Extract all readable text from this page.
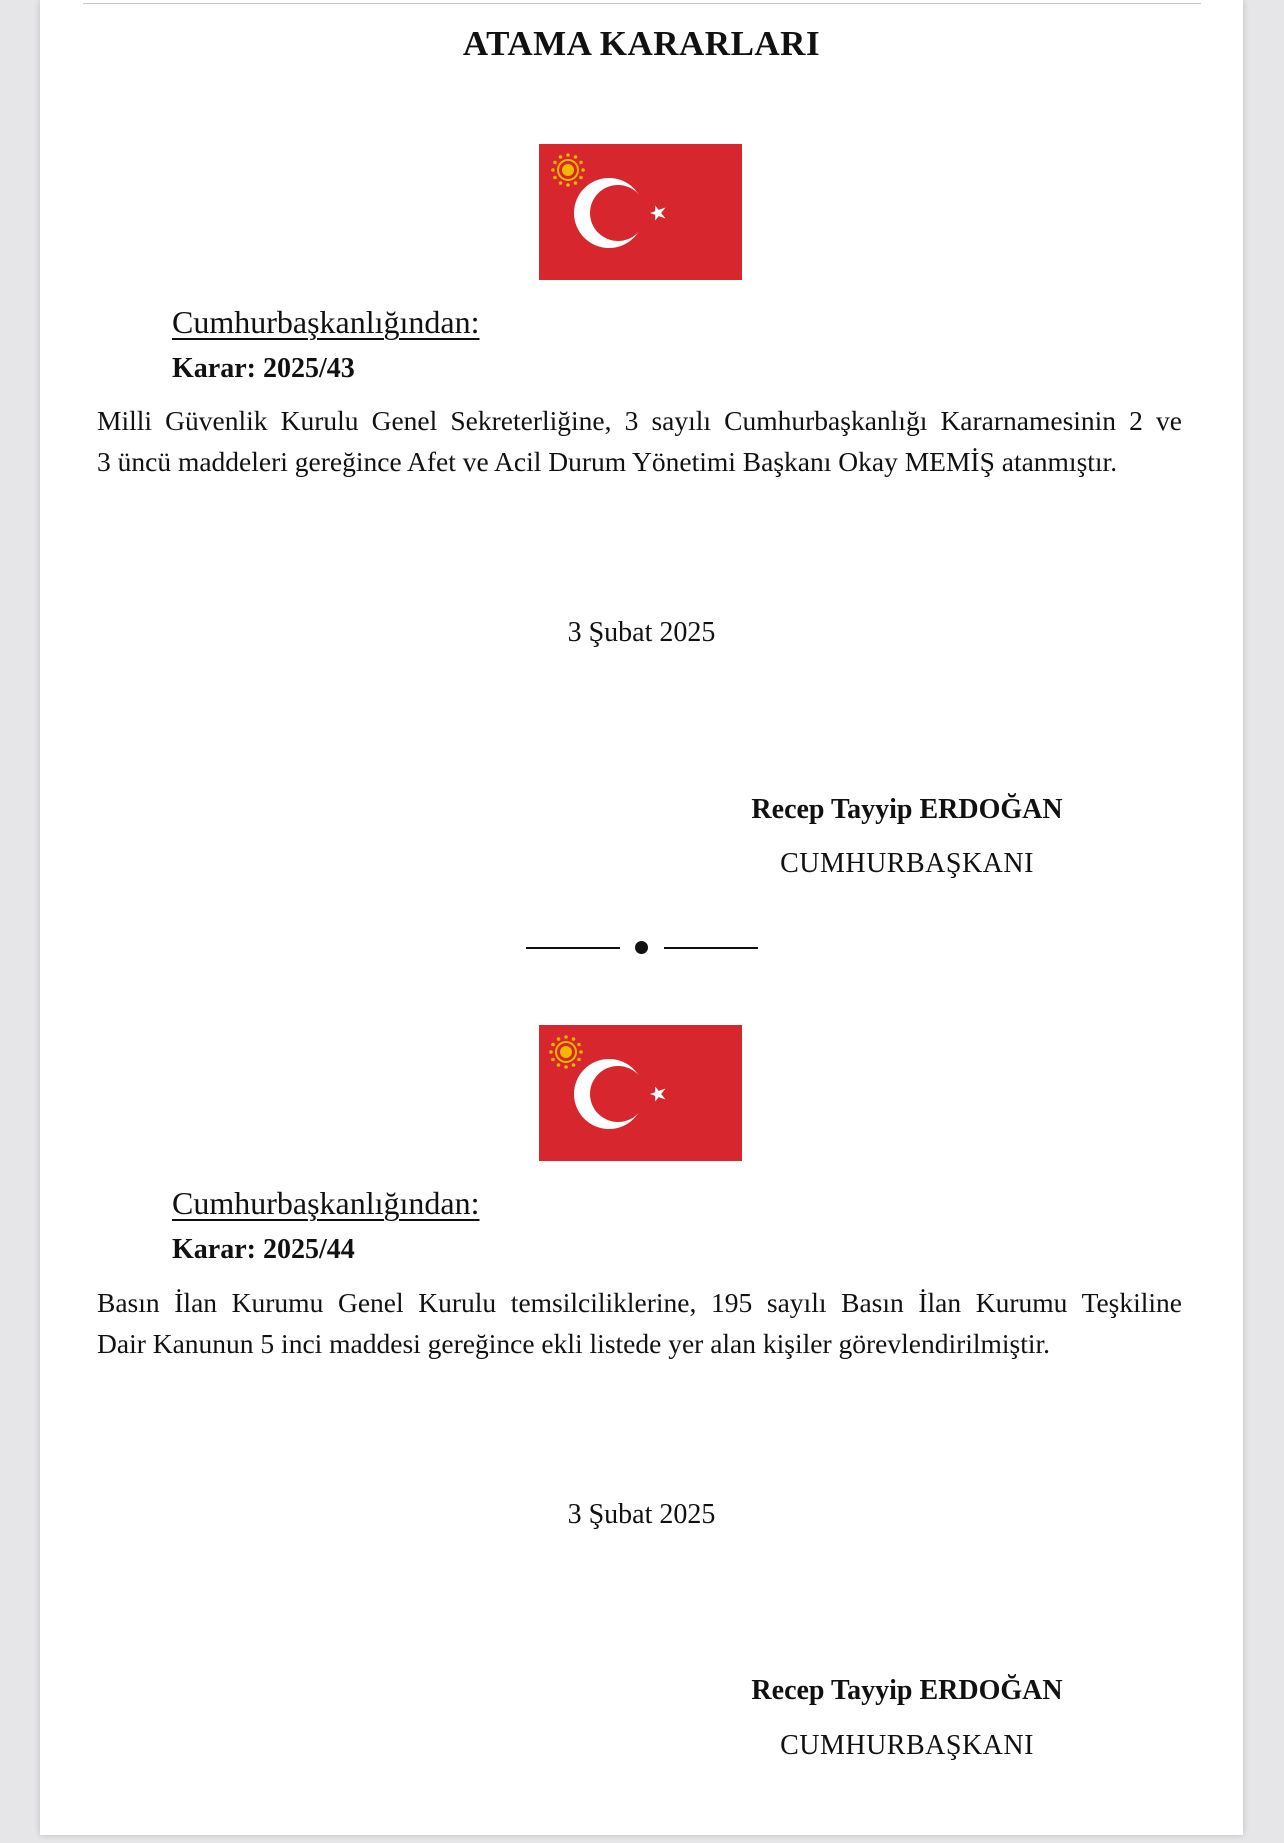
ATAMA KARARLARI
Cumhurbaşkanlığından:
Karar: 2025/43
Milli Güvenlik Kurulu Genel Sekreterliğine, 3 sayılı Cumhurbaşkanlığı Kararnamesinin 2 ve
3 üncü maddeleri gereğince Afet ve Acil Durum Yönetimi Başkanı Okay MEMİŞ atanmıştır.
3 Şubat 2025
Recep Tayyip ERDOĞAN
CUMHURBAŞKANI
Cumhurbaşkanlığından:
Karar: 2025/44
Basın İlan Kurumu Genel Kurulu temsilciliklerine, 195 sayılı Basın İlan Kurumu Teşkiline
Dair Kanunun 5 inci maddesi gereğince ekli listede yer alan kişiler görevlendirilmiştir.
3 Şubat 2025
Recep Tayyip ERDOĞAN
CUMHURBAŞKANI
